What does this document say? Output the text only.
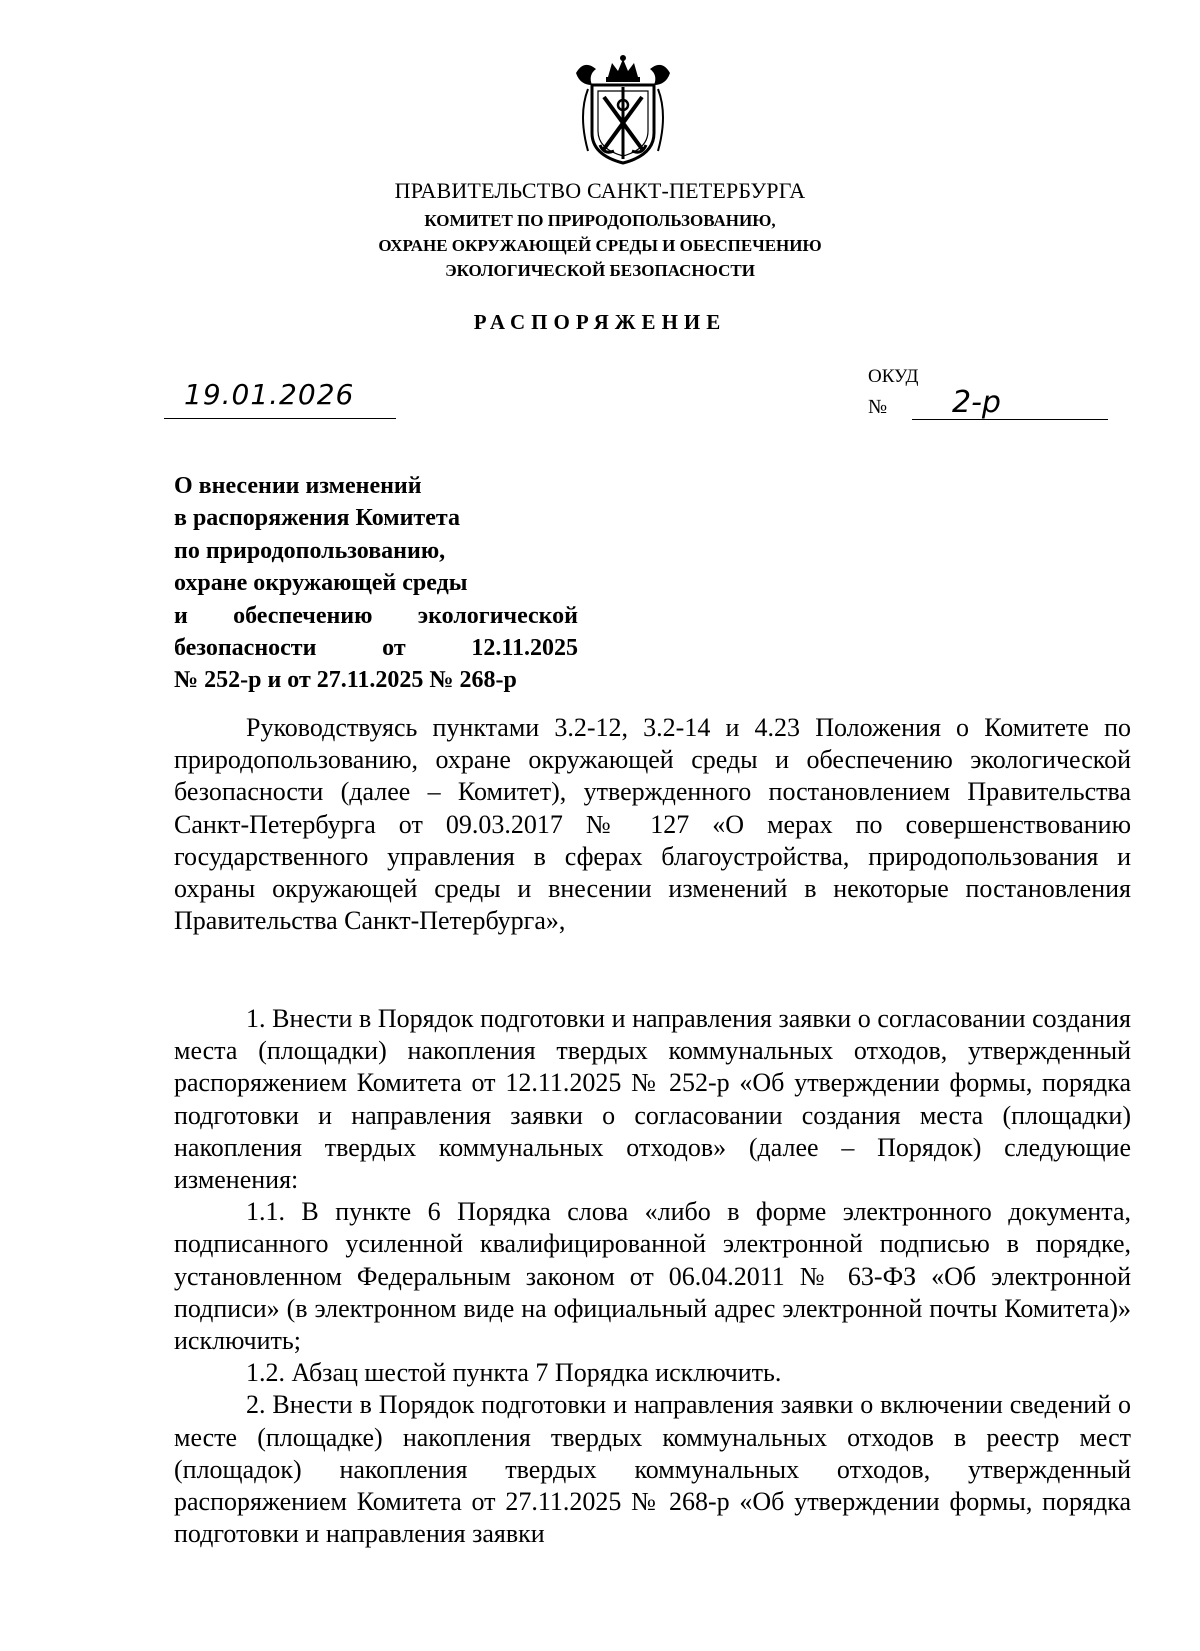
ПРАВИТЕЛЬСТВО САНКТ-ПЕТЕРБУРГА
КОМИТЕТ ПО ПРИРОДОПОЛЬЗОВАНИЮ,
ОХРАНЕ ОКРУЖАЮЩЕЙ СРЕДЫ И ОБЕСПЕЧЕНИЮ
ЭКОЛОГИЧЕСКОЙ БЕЗОПАСНОСТИ
РАСПОРЯЖЕНИЕ
19.01.2026
ОКУД
№ 2-р
О внесении изменений
в распоряжения Комитета
по природопользованию,
охране окружающей среды
и обеспечению экологической
безопасности от 12.11.2025
№ 252-р и от 27.11.2025 № 268-р

Руководствуясь пунктами 3.2-12, 3.2-14 и 4.23 Положения о Комитете по природопользованию, охране окружающей среды и обеспечению экологической безопасности (далее – Комитет), утвержденного постановлением Правительства Санкт-Петербурга от 09.03.2017 № 127 «О мерах по совершенствованию государственного управления в сферах благоустройства, природопользования и охраны окружающей среды и внесении изменений в некоторые постановления Правительства Санкт-Петербурга»,

1. Внести в Порядок подготовки и направления заявки о согласовании создания места (площадки) накопления твердых коммунальных отходов, утвержденный распоряжением Комитета от 12.11.2025 № 252-р «Об утверждении формы, порядка подготовки и направления заявки о согласовании создания места (площадки) накопления твердых коммунальных отходов» (далее – Порядок) следующие изменения:

1.1. В пункте 6 Порядка слова «либо в форме электронного документа, подписанного усиленной квалифицированной электронной подписью в порядке, установленном Федеральным законом от 06.04.2011 № 63-ФЗ «Об электронной подписи» (в электронном виде на официальный адрес электронной почты Комитета)» исключить;

1.2. Абзац шестой пункта 7 Порядка исключить.

2. Внести в Порядок подготовки и направления заявки о включении сведений о месте (площадке) накопления твердых коммунальных отходов в реестр мест (площадок) накопления твердых коммунальных отходов, утвержденный распоряжением Комитета от 27.11.2025 № 268-р «Об утверждении формы, порядка подготовки и направления заявки
